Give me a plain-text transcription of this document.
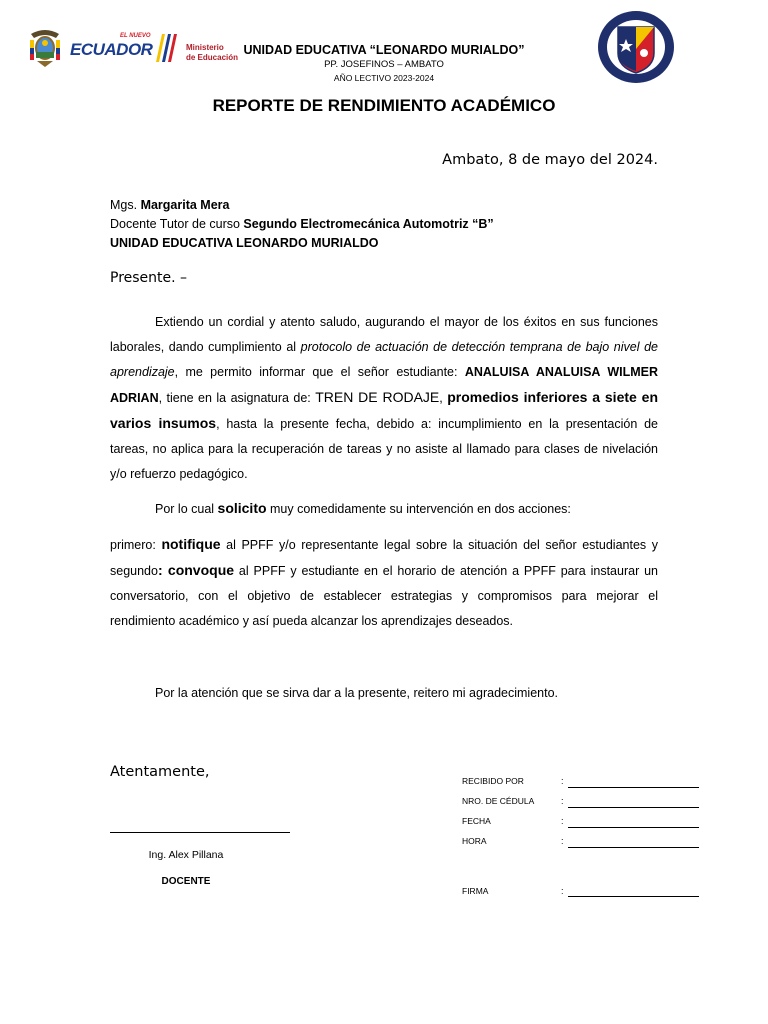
EL NUEVO
ECUADOR	Ministerio
de Educación
UNIDAD EDUCATIVA “LEONARDO MURIALDO”
PP. JOSEFINOS – AMBATO
AÑO LECTIVO 2023-2024
REPORTE DE RENDIMIENTO ACADÉMICO
Ambato, 8 de mayo del 2024.
Mgs. Margarita Mera
Docente Tutor de curso Segundo Electromecánica Automotriz “B”
UNIDAD EDUCATIVA LEONARDO MURIALDO
Presente. –
Extiendo un cordial y atento saludo, augurando el mayor de los éxitos en sus funciones laborales, dando cumplimiento al protocolo de actuación de detección temprana de bajo nivel de aprendizaje, me permito informar que el señor estudiante: ANALUISA ANALUISA WILMER ADRIAN, tiene en la asignatura de: TREN DE RODAJE, promedios inferiores a siete en varios insumos, hasta la presente fecha, debido a: incumplimiento en la presentación de tareas, no aplica para la recuperación de tareas y no asiste al llamado para clases de nivelación y/o refuerzo pedagógico.
Por lo cual solicito muy comedidamente su intervención en dos acciones:
primero: notifique al PPFF y/o representante legal sobre la situación del señor estudiantes y segundo: convoque al PPFF y estudiante en el horario de atención a PPFF para instaurar un conversatorio, con el objetivo de establecer estrategias y compromisos para mejorar el rendimiento académico y así pueda alcanzar los aprendizajes deseados.
Por la atención que se sirva dar a la presente, reitero mi agradecimiento.
Atentamente,
Ing. Alex Pillana
DOCENTE
RECIBIDO POR	:
NRO. DE CÉDULA	:
FECHA	:
HORA	:
FIRMA	:
